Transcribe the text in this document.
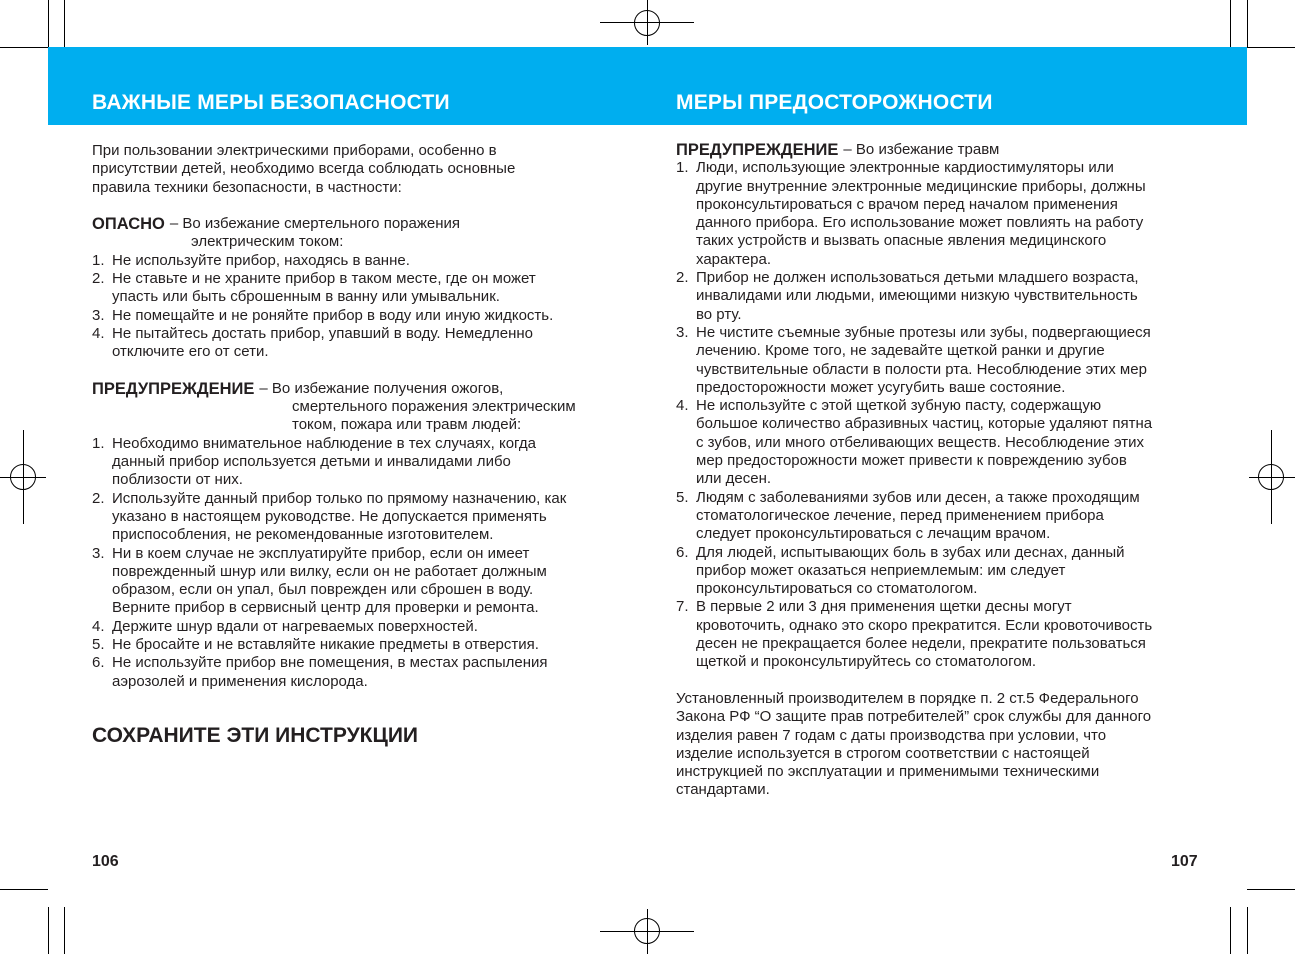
ВАЖНЫЕ МЕРЫ БЕЗОПАСНОСТИ	МЕРЫ ПРЕДОСТОРОЖНОСТИ

При пользовании электрическими приборами, особенно в

присутствии детей, необходимо всегда соблюдать основные

правила техники безопасности, в частности:

ОПАСНО – Во избежание смертельного поражения

электрическим током:

1. Не используйте прибор, находясь в ванне.
2. Не ставьте и не храните прибор в таком месте, где он может
упасть или быть сброшенным в ванну или умывальник.
3. Не помещайте и не роняйте прибор в воду или иную жидкость.
4. Не пытайтесь достать прибор, упавший в воду. Немедленно
отключите его от сети.
ПРЕДУПРЕЖДЕНИЕ – Во избежание получения ожогов,

смертельного поражения электрическим

током, пожара или травм людей:

1. Необходимо внимательное наблюдение в тех случаях, когда
данный прибор используется детьми и инвалидами либо
поблизости от них.
2. Используйте данный прибор только по прямому назначению, как
указано в настоящем руководстве. Не допускается применять
приспособления, не рекомендованные изготовителем.
3. Ни в коем случае не эксплуатируйте прибор, если он имеет
поврежденный шнур или вилку, если он не работает должным
образом, если он упал, был поврежден или сброшен в воду.
Верните прибор в сервисный центр для проверки и ремонта.
4. Держите шнур вдали от нагреваемых поверхностей.
5. Не бросайте и не вставляйте никакие предметы в отверстия.
6. Не используйте прибор вне помещения, в местах распыления
аэрозолей и применения кислорода.

СОХРАНИТЕ ЭТИ ИНСТРУКЦИИ

ПРЕДУПРЕЖДЕНИЕ – Во избежание травм
1. Люди, использующие электронные кардиостимуляторы или
другие внутренние электронные медицинские приборы, должны
проконсультироваться с врачом перед началом применения
данного прибора. Его использование может повлиять на работу
таких устройств и вызвать опасные явления медицинского
характера.
2. Прибор не должен использоваться детьми младшего возраста,
инвалидами или людьми, имеющими низкую чувствительность
во рту.
3. Не чистите съемные зубные протезы или зубы, подвергающиеся
лечению. Кроме того, не задевайте щеткой ранки и другие
чувствительные области в полости рта. Несоблюдение этих мер
предосторожности может усугубить ваше состояние.
4. Не используйте с этой щеткой зубную пасту, содержащую
большое количество абразивных частиц, которые удаляют пятна
с зубов, или много отбеливающих веществ. Несоблюдение этих
мер предосторожности может привести к повреждению зубов
или десен.
5. Людям с заболеваниями зубов или десен, а также проходящим
стоматологическое лечение, перед применением прибора
следует проконсультироваться с лечащим врачом.
6. Для людей, испытывающих боль в зубах или деснах, данный
прибор может оказаться неприемлемым: им следует
проконсультироваться со стоматологом.
7. В первые 2 или 3 дня применения щетки десны могут
кровоточить, однако это скоро прекратится. Если кровоточивость
десен не прекращается более недели, прекратите пользоваться
щеткой и проконсультируйтесь со стоматологом.

Установленный производителем в порядке п. 2 ст.5 Федерального

Закона РФ “О защите прав потребителей” срок службы для данного

изделия равен 7 годам с даты производства при условии, что

изделие используется в строгом соответствии с настоящей

инструкцией по эксплуатации и применимыми техническими

стандартами.

106	107
